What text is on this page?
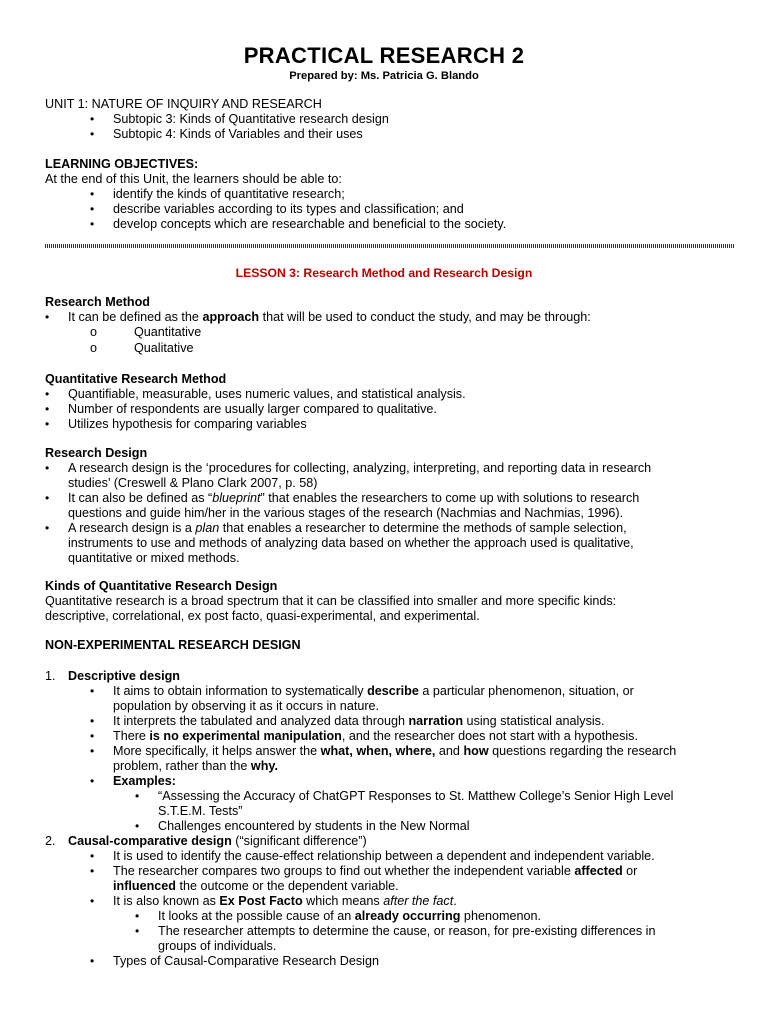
PRACTICAL RESEARCH 2
Prepared by: Ms. Patricia G. Blando

UNIT 1: NATURE OF INQUIRY AND RESEARCH

• Subtopic 3: Kinds of Quantitative research design
• Subtopic 4: Kinds of Variables and their uses

LEARNING OBJECTIVES:

At the end of this Unit, the learners should be able to:

• identify the kinds of quantitative research;
• describe variables according to its types and classification; and
• develop concepts which are researchable and beneficial to the society.
LESSON 3: Research Method and Research Design

Research Method

• It can be defined as the approach that will be used to conduct the study, and may be through:
o Quantitative
o Qualitative

Quantitative Research Method

• Quantifiable, measurable, uses numeric values, and statistical analysis.
• Number of respondents are usually larger compared to qualitative.
• Utilizes hypothesis for comparing variables

Research Design

• A research design is the ‘procedures for collecting, analyzing, interpreting, and reporting data in research
studies’ (Creswell & Plano Clark 2007, p. 58)
• It can also be defined as “blueprint” that enables the researchers to come up with solutions to research
questions and guide him/her in the various stages of the research (Nachmias and Nachmias, 1996).
• A research design is a plan that enables a researcher to determine the methods of sample selection,
instruments to use and methods of analyzing data based on whether the approach used is qualitative,
quantitative or mixed methods.

Kinds of Quantitative Research Design

Quantitative research is a broad spectrum that it can be classified into smaller and more specific kinds:
descriptive, correlational, ex post facto, quasi-experimental, and experimental.

NON-EXPERIMENTAL RESEARCH DESIGN

1. Descriptive design
• It aims to obtain information to systematically describe a particular phenomenon, situation, or
population by observing it as it occurs in nature.
• It interprets the tabulated and analyzed data through narration using statistical analysis.
• There is no experimental manipulation, and the researcher does not start with a hypothesis.
• More specifically, it helps answer the what, when, where, and how questions regarding the research
problem, rather than the why.
• Examples:
• “Assessing the Accuracy of ChatGPT Responses to St. Matthew College’s Senior High Level
S.T.E.M. Tests”
• Challenges encountered by students in the New Normal
2. Causal-comparative design (“significant difference”)
• It is used to identify the cause-effect relationship between a dependent and independent variable.
• The researcher compares two groups to find out whether the independent variable affected or
influenced the outcome or the dependent variable.
• It is also known as Ex Post Facto which means after the fact.
• It looks at the possible cause of an already occurring phenomenon.
• The researcher attempts to determine the cause, or reason, for pre-existing differences in
groups of individuals.
• Types of Causal-Comparative Research Design
